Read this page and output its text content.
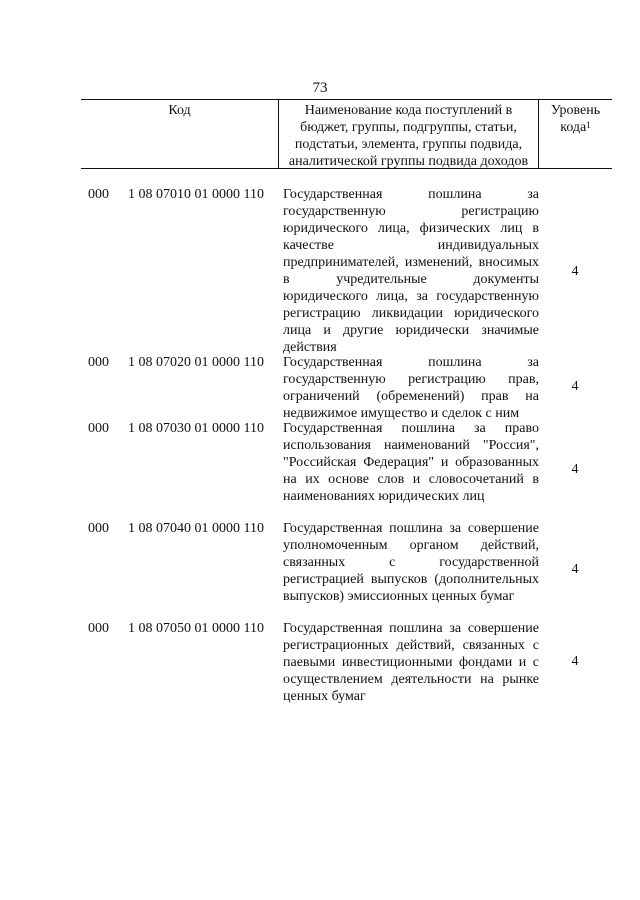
73
Код	Наименование кода поступлений в бюджет, группы, подгруппы, статьи, подстатьи, элемента, группы подвида, аналитической группы подвида доходов
Уровень кода$^1$
000 1 08 07010 01 0000 110 Государственная пошлина за государственную регистрацию юридического лица, физических лиц в качестве индивидуальных предпринимателей, изменений, вносимых в учредительные документы юридического лица, за государственную регистрацию ликвидации юридического лица и другие юридически значимые действия
4
000 1 08 07020 01 0000 110 Государственная пошлина за государственную регистрацию прав, ограничений (обременений) прав на недвижимое имущество и сделок с ним
4
000 1 08 07030 01 0000 110 Государственная пошлина за право использования наименований "Россия", "Российская Федерация" и образованных на их основе слов и словосочетаний в наименованиях юридических лиц
4
000 1 08 07040 01 0000 110 Государственная пошлина за совершение уполномоченным органом действий, связанных с государственной регистрацией выпусков (дополнительных выпусков) эмиссионных ценных бумаг
4
000 1 08 07050 01 0000 110 Государственная пошлина за совершение регистрационных действий, связанных с паевыми инвестиционными фондами и с осуществлением деятельности на рынке ценных бумаг
4
